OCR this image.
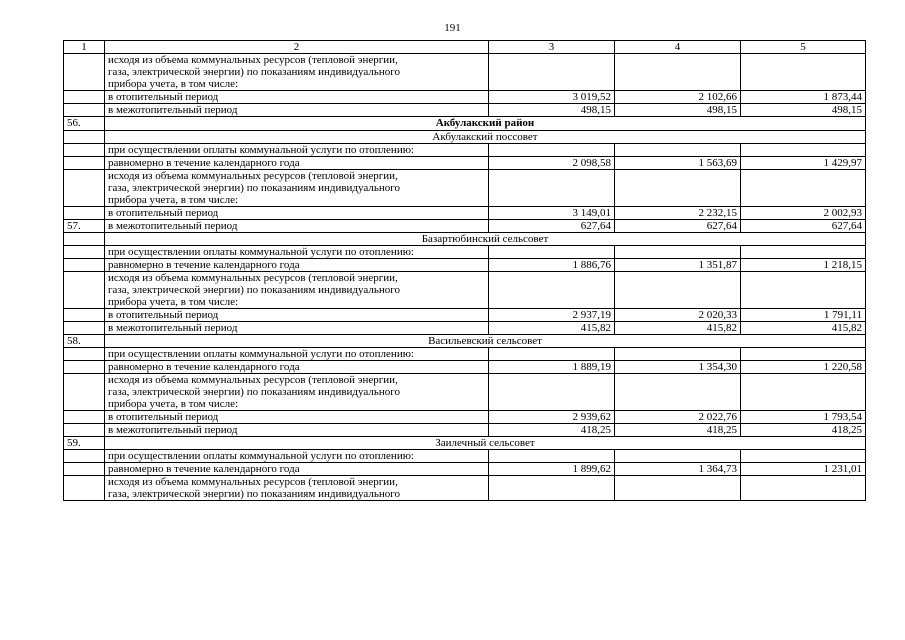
191
1	2	3	4	5

	исходя из объема коммунальных ресурсов (тепловой энергии,
газа, электрической энергии) по показаниям индивидуального
прибора учета, в том числе:			

	в отопительный период	3 019,52	2 102,66	1 873,44
	в межотопительный период	498,15	498,15	498,15
56.	Акбулакский район			
	Акбулакский поссовет			

	при осуществлении оплаты коммунальной услуги по отоплению:			

	равномерно в течение календарного года	2 098,58	1 563,69	1 429,97

	исходя из объема коммунальных ресурсов (тепловой энергии,
газа, электрической энергии) по показаниям индивидуального
прибора учета, в том числе:			

	в отопительный период	3 149,01	2 232,15	2 002,93
57.	в межотопительный период	627,64	627,64	627,64
	Базартюбинский сельсовет			

	при осуществлении оплаты коммунальной услуги по отоплению:			

	равномерно в течение календарного года	1 886,76	1 351,87	1 218,15

	исходя из объема коммунальных ресурсов (тепловой энергии,
газа, электрической энергии) по показаниям индивидуального
прибора учета, в том числе:			

	в отопительный период	2 937,19	2 020,33	1 791,11
	в межотопительный период	415,82	415,82	415,82
58.	Васильевский сельсовет			

	при осуществлении оплаты коммунальной услуги по отоплению:			

	равномерно в течение календарного года	1 889,19	1 354,30	1 220,58

	исходя из объема коммунальных ресурсов (тепловой энергии,
газа, электрической энергии) по показаниям индивидуального
прибора учета, в том числе:			

	в отопительный период	2 939,62	2 022,76	1 793,54
	в межотопительный период	418,25	418,25	418,25
59.	Заилечный сельсовет			

	при осуществлении оплаты коммунальной услуги по отоплению:			

	равномерно в течение календарного года	1 899,62	1 364,73	1 231,01

	исходя из объема коммунальных ресурсов (тепловой энергии,
газа, электрической энергии) по показаниям индивидуального			
